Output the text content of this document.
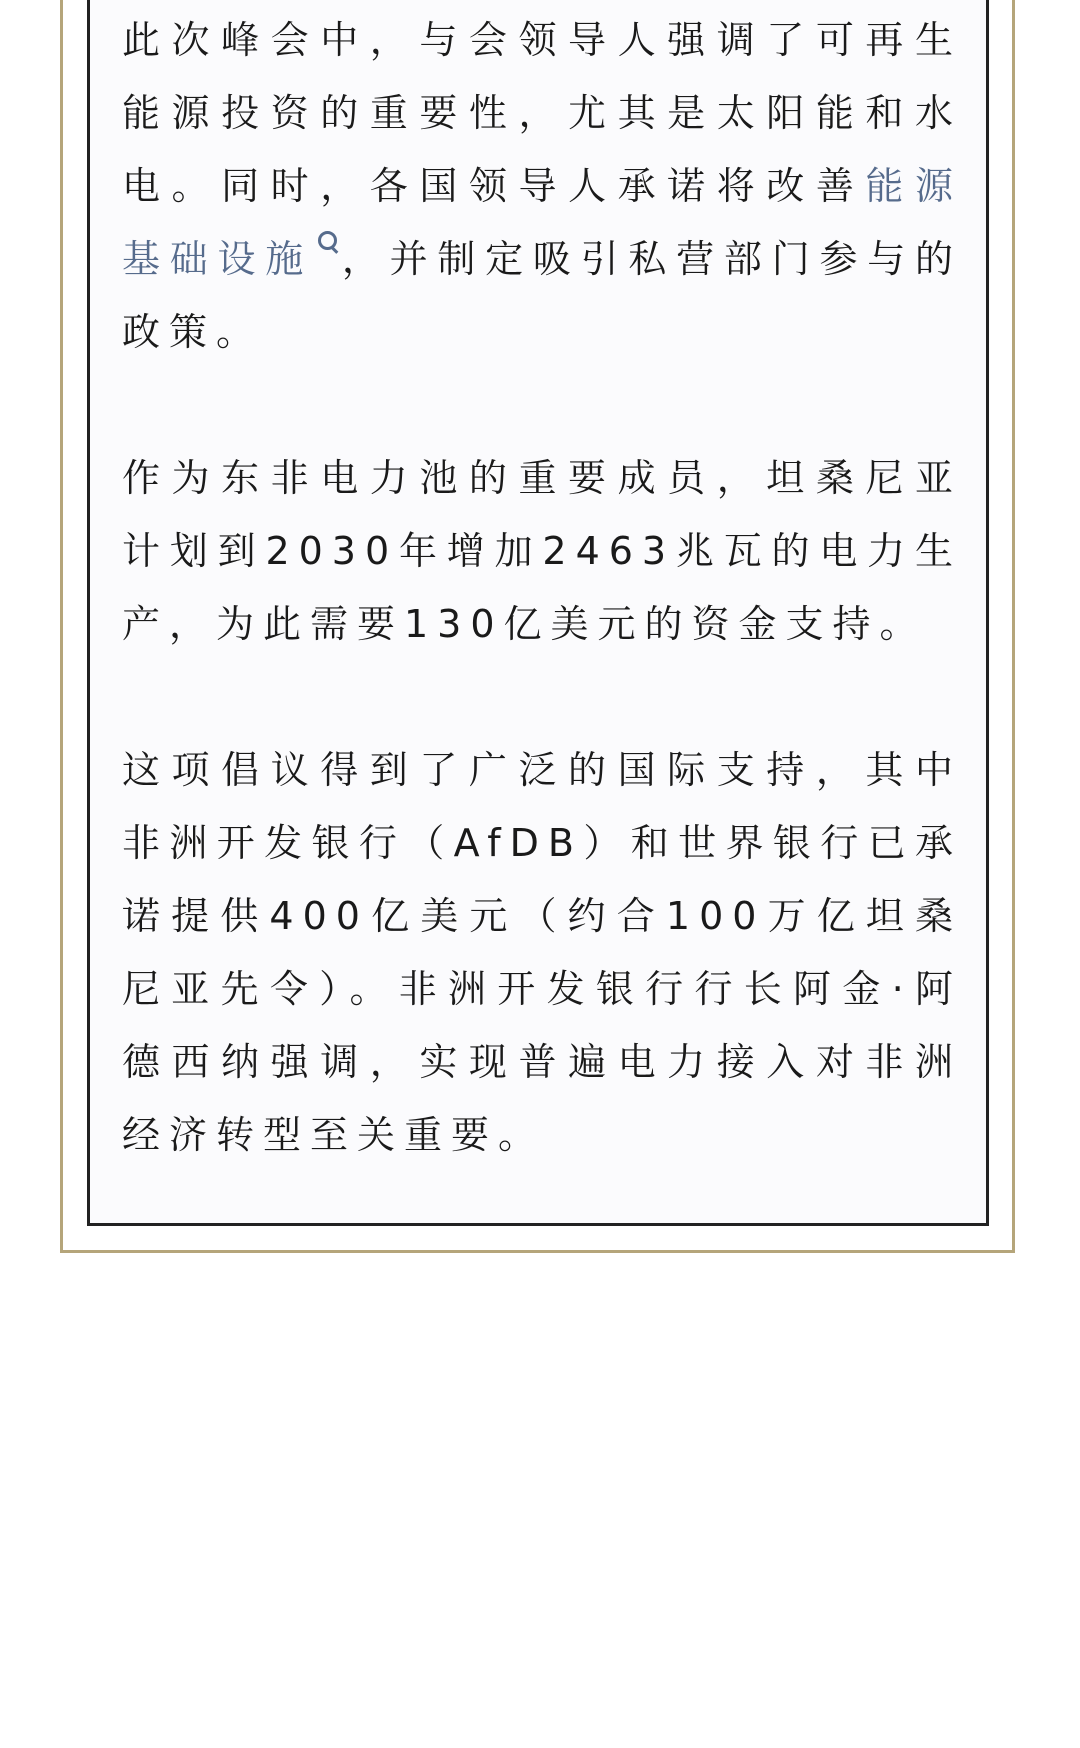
此次峰会中，与会领导人强调了可再生能源投资的重要性，尤其是太阳能和水电。同时，各国领导人承诺将改善能源基础设施 ，并制定吸引私营部门参与的政策。

作为东非电力池的重要成员，坦桑尼亚计划到2030年增加2463兆瓦的电力生产，为此需要130亿美元的资金支持。

这项倡议得到了广泛的国际支持，其中非洲开发银行（AfDB）和世界银行已承诺提供400亿美元（约合100万亿坦桑尼亚先令）。非洲开发银行行长阿金·阿德西纳强调，实现普遍电力接入对非洲经济转型至关重要。
